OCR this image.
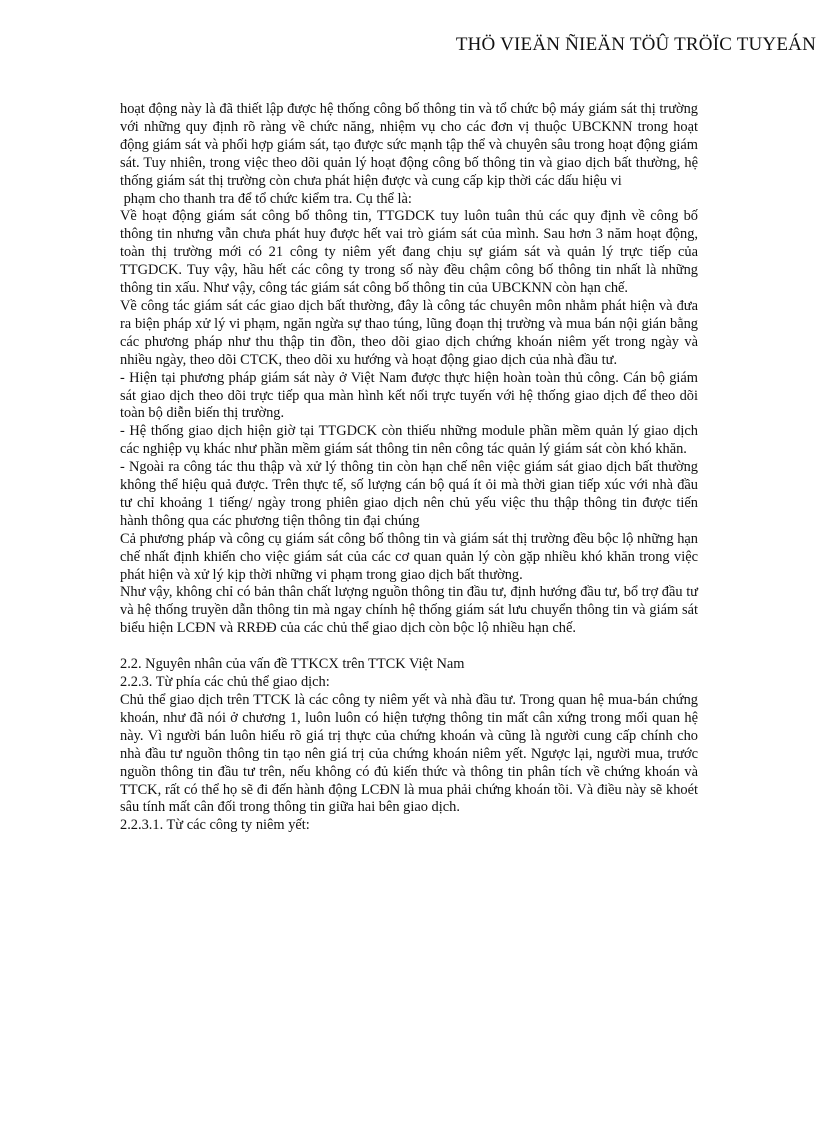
THÖ VIEÄN ÑIEÄN TÖÛ TRÖÏC TUYEÁN

hoạt động này là đã thiết lập được hệ thống công bố thông tin và tổ chức bộ máy giám sát thị trường với những quy định rõ ràng về chức năng, nhiệm vụ cho các đơn vị thuộc UBCKNN trong hoạt động giám sát và phối hợp giám sát, tạo được sức mạnh tập thể và chuyên sâu trong hoạt động giám sát. Tuy nhiên, trong việc theo dõi quản lý hoạt động công bố thông tin và giao dịch bất thường, hệ thống giám sát thị trường còn chưa phát hiện được và cung cấp kịp thời các dấu hiệu vi

phạm cho thanh tra để tổ chức kiểm tra. Cụ thể là:

Về hoạt động giám sát công bố thông tin, TTGDCK tuy luôn tuân thủ các quy định về công bố thông tin nhưng vẫn chưa phát huy được hết vai trò giám sát của mình. Sau hơn 3 năm hoạt động, toàn thị trường mới có 21 công ty niêm yết đang chịu sự giám sát và quản lý trực tiếp của TTGDCK. Tuy vậy, hầu hết các công ty trong số này đều chậm công bố thông tin nhất là những thông tin xấu. Như vậy, công tác giám sát công bố thông tin của UBCKNN còn hạn chế.

Về công tác giám sát các giao dịch bất thường, đây là công tác chuyên môn nhằm phát hiện và đưa ra biện pháp xử lý vi phạm, ngăn ngừa sự thao túng, lũng đoạn thị trường và mua bán nội gián bằng các phương pháp như thu thập tin đồn, theo dõi giao dịch chứng khoán niêm yết trong ngày và nhiều ngày, theo dõi CTCK, theo dõi xu hướng và hoạt động giao dịch của nhà đầu tư.

- Hiện tại phương pháp giám sát này ở Việt Nam được thực hiện hoàn toàn thủ công. Cán bộ giám sát giao dịch theo dõi trực tiếp qua màn hình kết nối trực tuyến với hệ thống giao dịch để theo dõi toàn bộ diễn biến thị trường.

- Hệ thống giao dịch hiện giờ tại TTGDCK còn thiếu những module phần mềm quản lý giao dịch các nghiệp vụ khác như phần mềm giám sát thông tin nên công tác quản lý giám sát còn khó khăn.

- Ngoài ra công tác thu thập và xử lý thông tin còn hạn chế nên việc giám sát giao dịch bất thường không thể hiệu quả được. Trên thực tế, số lượng cán bộ quá ít ỏi mà thời gian tiếp xúc với nhà đầu tư chỉ khoảng 1 tiếng/ ngày trong phiên giao dịch nên chủ yếu việc thu thập thông tin được tiến hành thông qua các phương tiện thông tin đại chúng

Cả phương pháp và công cụ giám sát công bố thông tin và giám sát thị trường đều bộc lộ những hạn chế nhất định khiến cho việc giám sát của các cơ quan quản lý còn gặp nhiều khó khăn trong việc phát hiện và xử lý kịp thời những vi phạm trong giao dịch bất thường.

Như vậy, không chỉ có bản thân chất lượng nguồn thông tin đầu tư, định hướng đầu tư, bổ trợ đầu tư và hệ thống truyền dẫn thông tin mà ngay chính hệ thống giám sát lưu chuyển thông tin và giám sát biểu hiện LCĐN và RRĐĐ của các chủ thể giao dịch còn bộc lộ nhiều hạn chế.

2.2. Nguyên nhân của vấn đề TTKCX trên TTCK Việt Nam

2.2.3. Từ phía các chủ thể giao dịch:

Chủ thể giao dịch trên TTCK là các công ty niêm yết và nhà đầu tư. Trong quan hệ mua-bán chứng khoán, như đã nói ở chương 1, luôn luôn có hiện tượng thông tin mất cân xứng trong mối quan hệ này. Vì người bán luôn hiểu rõ giá trị thực của chứng khoán và cũng là người cung cấp chính cho nhà đầu tư nguồn thông tin tạo nên giá trị của chứng khoán niêm yết. Ngược lại, người mua, trước nguồn thông tin đầu tư trên, nếu không có đủ kiến thức và thông tin phân tích về chứng khoán và TTCK, rất có thể họ sẽ đi đến hành động LCĐN là mua phải chứng khoán tồi. Và điều này sẽ khoét sâu tính mất cân đối trong thông tin giữa hai bên giao dịch.

2.2.3.1. Từ các công ty niêm yết:
